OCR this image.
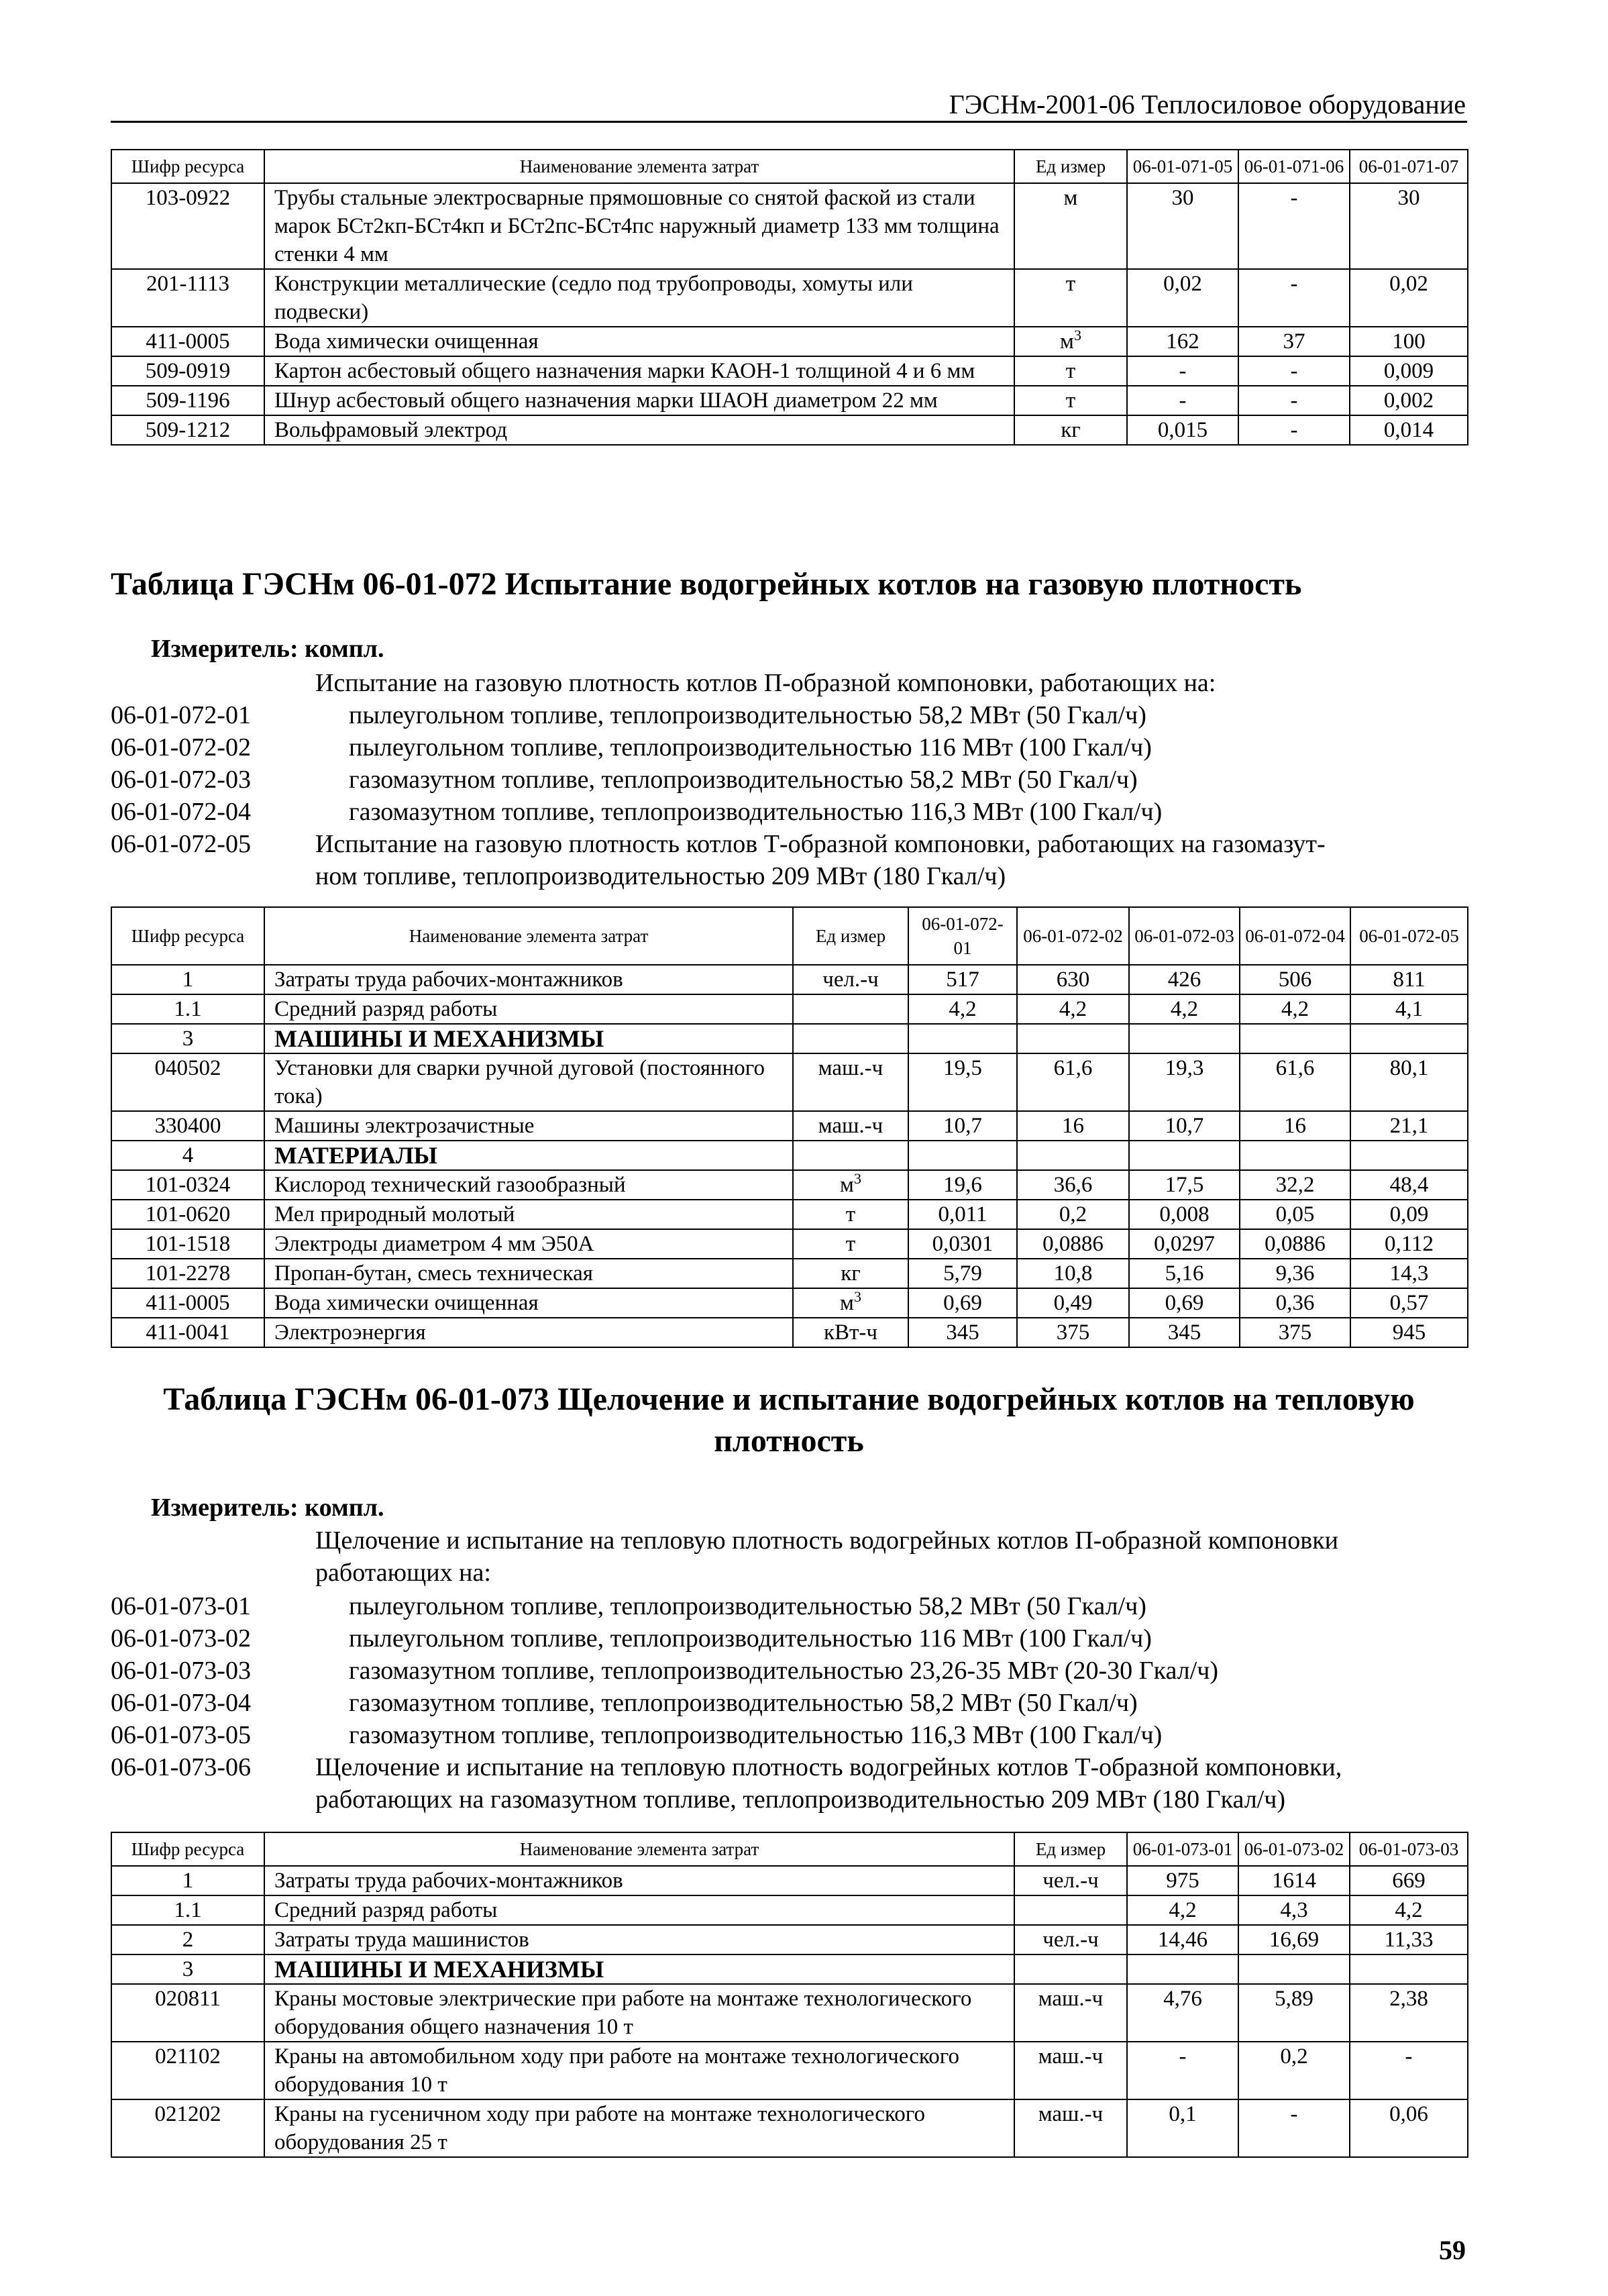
ГЭСНм-2001-06 Теплосиловое оборудование
Шифр ресурса	Наименование элемента затрат	Ед измер	06-01-071-05	06-01-071-06	06-01-071-07
103-0922	Трубы стальные электросварные прямошовные со снятой фаской из стали марок БСт2кп-БСт4кп и БСт2пс-БСт4пс наружный диаметр 133 мм толщина стенки 4 мм	м	30	-	30
201-1113	Конструкции металлические (седло под трубопроводы, хомуты или подвески)	т	0,02	-	0,02
411-0005	Вода химически очищенная	$м^3$	162	37	100
509-0919	Картон асбестовый общего назначения марки КАОН-1 толщиной 4 и 6 мм	т	-	-	0,009
509-1196	Шнур асбестовый общего назначения марки ШАОН диаметром 22 мм	т	-	-	0,002
509-1212	Вольфрамовый электрод	кг	0,015	-	0,014
Таблица ГЭСНм 06-01-072 Испытание водогрейных котлов на газовую плотность
Измеритель: компл.
Испытание на газовую плотность котлов П-образной компоновки, работающих на:
06-01-072-01	пылеугольном топливе, теплопроизводительностью 58,2 МВт (50 Гкал/ч)
06-01-072-02	пылеугольном топливе, теплопроизводительностью 116 МВт (100 Гкал/ч)
06-01-072-03	газомазутном топливе, теплопроизводительностью 58,2 МВт (50 Гкал/ч)
06-01-072-04	газомазутном топливе, теплопроизводительностью 116,3 МВт (100 Гкал/ч)
06-01-072-05	Испытание на газовую плотность котлов Т-образной компоновки, работающих на газомазут-
ном топливе, теплопроизводительностью 209 МВт (180 Гкал/ч)
Шифр ресурса	Наименование элемента затрат	Ед измер	06-01-072-01	06-01-072-02	06-01-072-03	06-01-072-04	06-01-072-05
1	Затраты труда рабочих-монтажников	чел.-ч	517	630	426	506	811
1.1	Средний разряд работы		4,2	4,2	4,2	4,2	4,1
3	МАШИНЫ И МЕХАНИЗМЫ						
040502	Установки для сварки ручной дуговой (постоянного тока)	маш.-ч	19,5	61,6	19,3	61,6	80,1
330400	Машины электрозачистные	маш.-ч	10,7	16	10,7	16	21,1
4	МАТЕРИАЛЫ						
101-0324	Кислород технический газообразный	$м^3$	19,6	36,6	17,5	32,2	48,4
101-0620	Мел природный молотый	т	0,011	0,2	0,008	0,05	0,09
101-1518	Электроды диаметром 4 мм Э50А	т	0,0301	0,0886	0,0297	0,0886	0,112
101-2278	Пропан-бутан, смесь техническая	кг	5,79	10,8	5,16	9,36	14,3
411-0005	Вода химически очищенная	$м^3$	0,69	0,49	0,69	0,36	0,57
411-0041	Электроэнергия	кВт-ч	345	375	345	375	945
Таблица ГЭСНм 06-01-073 Щелочение и испытание водогрейных котлов на тепловую
плотность
Измеритель: компл.
Щелочение и испытание на тепловую плотность водогрейных котлов П-образной компоновки
работающих на:
06-01-073-01	пылеугольном топливе, теплопроизводительностью 58,2 МВт (50 Гкал/ч)
06-01-073-02	пылеугольном топливе, теплопроизводительностью 116 МВт (100 Гкал/ч)
06-01-073-03	газомазутном топливе, теплопроизводительностью 23,26-35 МВт (20-30 Гкал/ч)
06-01-073-04	газомазутном топливе, теплопроизводительностью 58,2 МВт (50 Гкал/ч)
06-01-073-05	газомазутном топливе, теплопроизводительностью 116,3 МВт (100 Гкал/ч)
06-01-073-06	Щелочение и испытание на тепловую плотность водогрейных котлов Т-образной компоновки,
работающих на газомазутном топливе, теплопроизводительностью 209 МВт (180 Гкал/ч)
Шифр ресурса	Наименование элемента затрат	Ед измер	06-01-073-01	06-01-073-02	06-01-073-03
1	Затраты труда рабочих-монтажников	чел.-ч	975	1614	669
1.1	Средний разряд работы		4,2	4,3	4,2
2	Затраты труда машинистов	чел.-ч	14,46	16,69	11,33
3	МАШИНЫ И МЕХАНИЗМЫ				
020811	Краны мостовые электрические при работе на монтаже технологического оборудования общего назначения 10 т	маш.-ч	4,76	5,89	2,38
021102	Краны на автомобильном ходу при работе на монтаже технологического оборудования 10 т	маш.-ч	-	0,2	-
021202	Краны на гусеничном ходу при работе на монтаже технологического оборудования 25 т	маш.-ч	0,1	-	0,06
59
